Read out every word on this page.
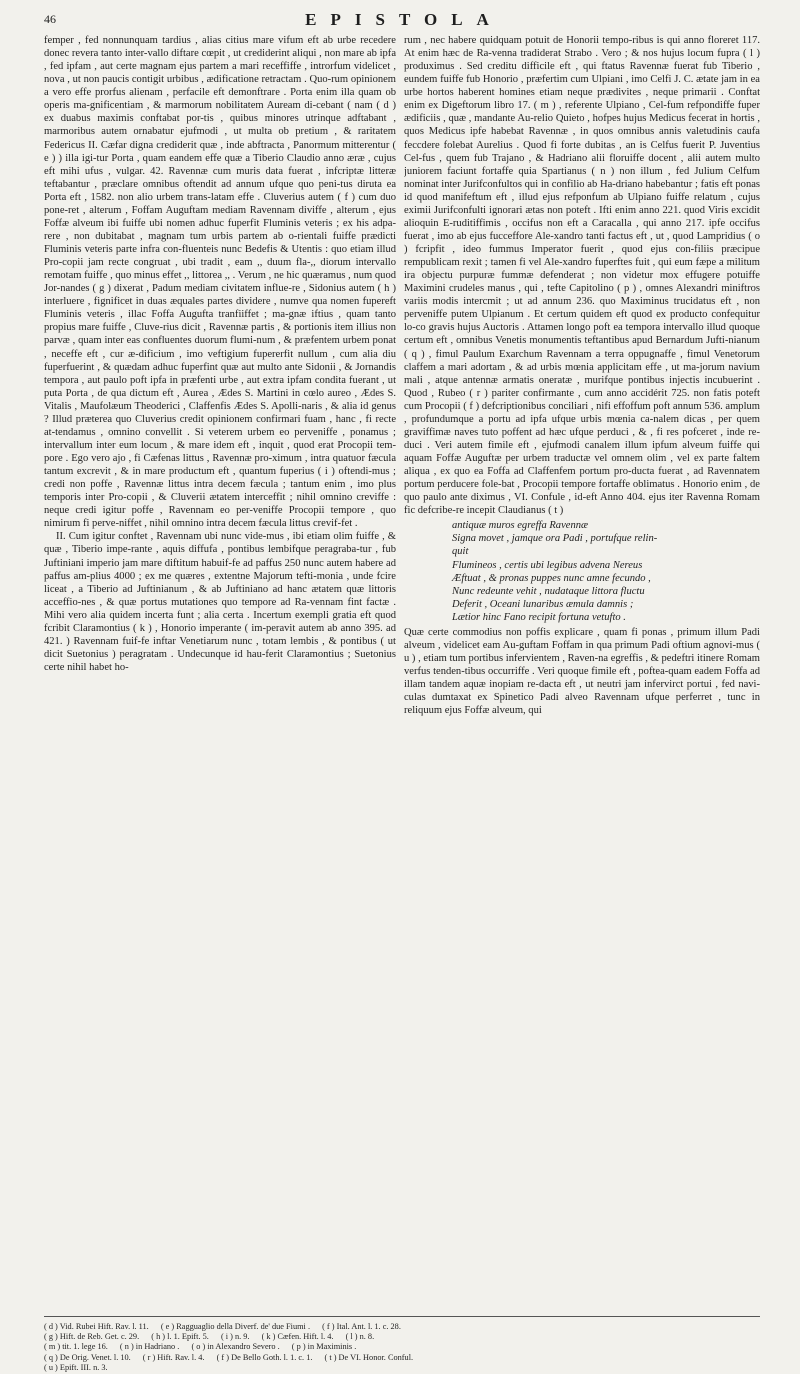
46	EPISTOLA

femper , fed nonnunquam tardius , alias citius mare vifum eft ab urbe recedere donec revera tanto inter-vallo diftare cœpit , ut crediderint aliqui , non mare ab ipfa , fed ipfam , aut certe magnam ejus partem a mari receffiffe , introrfum videlicet , nova , ut non paucis contigit urbibus , ædificatione retractam . Quo-rum opinionem a vero effe prorfus alienam , perfacile eft demonftrare . Porta enim illa quam ob operis ma-gnificentiam , & marmorum nobilitatem Auream di-cebant ( nam ( d ) ex duabus maximis conftabat por-tis , quibus minores utrinque adftabant , marmoribus autem ornabatur ejufmodi , ut multa ob pretium , & raritatem Federicus II. Cæfar digna crediderit quæ , inde abftracta , Panormum mitterentur ( e ) ) illa igi-tur Porta , quam eandem effe quæ a Tiberio Claudio anno æræ , cujus eft mihi ufus , vulgar. 42. Ravennæ cum muris data fuerat , infcriptæ litteræ teftabantur , præclare omnibus oftendit ad annum ufque quo peni-tus diruta ea Porta eft , 1582. non alio urbem trans-latam effe . Cluverius autem ( f ) cum duo pone-ret , alterum , Foffam Auguftam mediam Ravennam diviffe , alterum , ejus Foffæ alveum ibi fuiffe ubi nomen adhuc fuperfit Fluminis veteris ; ex his adpa-rere , non dubitabat , magnam tum urbis partem ab o-rientali fuiffe prædicti Fluminis veteris parte infra con-fluenteis nunc Bedefis & Utentis : quo etiam illud Pro-copii jam recte congruat , ubi tradit , eam ,, duum fla-,, diorum intervallo remotam fuiffe , quo minus effet ,, littorea ,, . Verum , ne hic quæramus , num quod Jor-nandes ( g ) dixerat , Padum mediam civitatem influe-re , Sidonius autem ( h ) interluere , fignificet in duas æquales partes dividere , numve qua nomen fupereft Fluminis veteris , illac Foffa Augufta tranfiiffet ; ma-gnæ iftius , quam tanto propius mare fuiffe , Cluve-rius dicit , Ravennæ partis , & portionis item illius non parvæ , quam inter eas confluentes duorum flumi-num , & præfentem urbem ponat , neceffe eft , cur æ-dificium , imo veftigium fupererfit nullum , cum alia diu fuperfuerint , & quædam adhuc fuperfint quæ aut multo ante Sidonii , & Jornandis tempora , aut paulo poft ipfa in præfenti urbe , aut extra ipfam condita fuerant , ut puta Porta , de qua dictum eft , Aurea , Ædes S. Martini in cœlo aureo , Ædes S. Vitalis , Maufolæum Theoderici , Claffenfis Ædes S. Apolli-naris , & alia id genus ? Illud præterea quo Cluverius credit opinionem confirmari fuam , hanc , fi recte at-tendamus , omnino convellit . Si veterem urbem eo perveniffe , ponamus ; intervallum inter eum locum , & mare idem eft , inquit , quod erat Procopii tem-pore . Ego vero ajo , fi Cæfenas littus , Ravennæ pro-ximum , intra quatuor fæcula tantum excrevit , & in mare productum eft , quantum fuperius ( i ) oftendi-mus ; credi non poffe , Ravennæ littus intra decem fæcula ; tantum enim , imo plus temporis inter Pro-copii , & Cluverii ætatem interceffit ; nihil omnino creviffe : neque credi igitur poffe , Ravennam eo per-veniffe Procopii tempore , quo nimirum fi perve-niffet , nihil omnino intra decem fæcula littus crevif-fet .

II. Cum igitur conftet , Ravennam ubi nunc vide-mus , ibi etiam olim fuiffe , & quæ , Tiberio impe-rante , aquis diffufa , pontibus lembifque peragraba-tur , fub Juftiniani imperio jam mare diftitum habuif-fe ad paffus 250 nunc autem habere ad paffus am-plius 4000 ; ex me quæres , extentne Majorum tefti-monia , unde fcire liceat , a Tiberio ad Juftinianum , & ab Juftiniano ad hanc ætatem quæ littoris acceffio-nes , & quæ portus mutationes quo tempore ad Ra-vennam fint factæ . Mihi vero alia quidem incerta funt ; alia certa . Incertum exempli gratia eft quod fcribit Claramontius ( k ) , Honorio imperante ( im-peravit autem ab anno 395. ad 421. ) Ravennam fuif-fe inftar Venetiarum nunc , totam lembis , & pontibus ( ut dicit Suetonius ) peragratam . Undecunque id hau-ferit Claramontius ; Suetonius certe nihil habet ho-

rum , nec habere quidquam potuit de Honorii tempo-ribus is qui anno floreret 117. At enim hæc de Ra-venna tradiderat Strabo . Vero ; & nos hujus locum fupra ( l ) produximus . Sed creditu difficile eft , qui ftatus Ravennæ fuerat fub Tiberio , eundem fuiffe fub Honorio , præfertim cum Ulpiani , imo Celfi J. C. ætate jam in ea urbe hortos haberent homines etiam neque prædivites , neque primarii . Conftat enim ex Digeftorum libro 17. ( m ) , referente Ulpiano , Cel-fum refpondiffe fuper ædificiis , quæ , mandante Au-relio Quieto , hofpes hujus Medicus fecerat in hortis , quos Medicus ipfe habebat Ravennæ , in quos omnibus annis valetudinis caufa feccdere folebat Aurelius . Quod fi forte dubitas , an is Celfus fuerit P. Juventius Cel-fus , quem fub Trajano , & Hadriano alii floruiffe docent , alii autem multo juniorem faciunt fortaffe quia Spartianus ( n ) non illum , fed Julium Celfum nominat inter Jurifconfultos qui in confilio ab Ha-driano habebantur ; fatis eft ponas id quod manifeftum eft , illud ejus refponfum ab Ulpiano fuiffe relatum , cujus eximii Jurifconfulti ignorari ætas non poteft . Ifti enim anno 221. quod Viris excidit alioquin E-ruditiffimis , occifus non eft a Caracalla , qui anno 217. ipfe occifus fuerat , imo ab ejus fucceffore Ale-xandro tanti factus eft , ut , quod Lampridius ( o ) fcripfit , ideo fummus Imperator fuerit , quod ejus con-filiis præcipue rempublicam rexit ; tamen fi vel Ale-xandro fuperftes fuit , qui eum fæpe a militum ira objectu purpuræ fummæ defenderat ; non videtur mox effugere potuiffe Maximini crudeles manus , qui , tefte Capitolino ( p ) , omnes Alexandri miniftros variis modis intercmit ; ut ad annum 236. quo Maximinus trucidatus eft , non perveniffe putem Ulpianum . Et certum quidem eft quod ex producto confequitur lo-co gravis hujus Auctoris . Attamen longo poft ea tempora intervallo illud quoque certum eft , omnibus Venetis monumentis teftantibus apud Bernardum Jufti-nianum ( q ) , fimul Paulum Exarchum Ravennam a terra oppugnaffe , fimul Venetorum claffem a mari adortam , & ad urbis mœnia applicitam effe , ut ma-jorum navium mali , atque antennæ armatis oneratæ , murifque pontibus injectis incubuerint . Quod , Rubeo ( r ) pariter confirmante , cum anno accidérit 725. non fatis poteft cum Procopii ( f ) defcriptionibus conciliari , nifi effoffum poft annum 536. amplum , profundumque a portu ad ipfa ufque urbis mœnia ca-nalem dicas , per quem graviffimæ naves tuto poffent ad hæc ufque perduci , & , fi res pofceret , inde re-duci . Veri autem fimile eft , ejufmodi canalem illum ipfum alveum fuiffe qui aquam Foffæ Auguftæ per urbem traductæ vel omnem olim , vel ex parte faltem aliqua , ex quo ea Foffa ad Claffenfem portum pro-ducta fuerat , ad Ravennatem portum perducere fole-bat , Procopii tempore fortaffe oblimatus . Honorio enim , de quo paulo ante diximus , VI. Confule , id-eft Anno 404. ejus iter Ravenna Romam fic defcribe-re incepit Claudianus ( t )

antiquæ muros egreffa Ravennæ
Signa movet , jamque ora Padi , portufque relin-
quit
Flumineos , certis ubi legibus advena Nereus
Æftuat , & pronas puppes nunc amne fecundo ,
Nunc redeunte vehit , nudataque littora fluctu
Deferit , Oceani lunaribus æmula damnis ;
Lætior hinc Fano recipit fortuna vetufto .

Quæ certe commodius non poffis explicare , quam fi ponas , primum illum Padi alveum , videlicet eam Au-guftam Foffam in qua primum Padi oftium agnovi-mus ( u ) , etiam tum portibus infervientem , Raven-na egreffis , & pedeftri itinere Romam verfus tenden-tibus occurriffe . Veri quoque fimile eft , poftea-quam eadem Foffa ad illam tandem aquæ inopiam re-dacta eft , ut neutri jam infervirct portui , fed navi-culas dumtaxat ex Spinetico Padi alveo Ravennam ufque perferret , tunc in reliquum ejus Foffæ alveum, qui

( d ) Vid. Rubei Hift. Rav. l. 11. ( e ) Ragguaglio della Diverf. de' due Fiumi . ( f ) Ital. Ant. l. 1. c. 28.
( g ) Hift. de Reb. Get. c. 29. ( h ) l. 1. Epift. 5. ( i ) n. 9. ( k ) Cæfen. Hift. l. 4. ( l ) n. 8.
( m ) tit. 1. lege 16. ( n ) in Hadriano . ( o ) in Alexandro Severo . ( p ) in Maximinis .
( q ) De Orig. Venet. l. 10. ( r ) Hift. Rav. l. 4. ( f ) De Bello Goth. l. 1. c. 1. ( t ) De VI. Honor. Conful.
( u ) Epift. III. n. 3.
